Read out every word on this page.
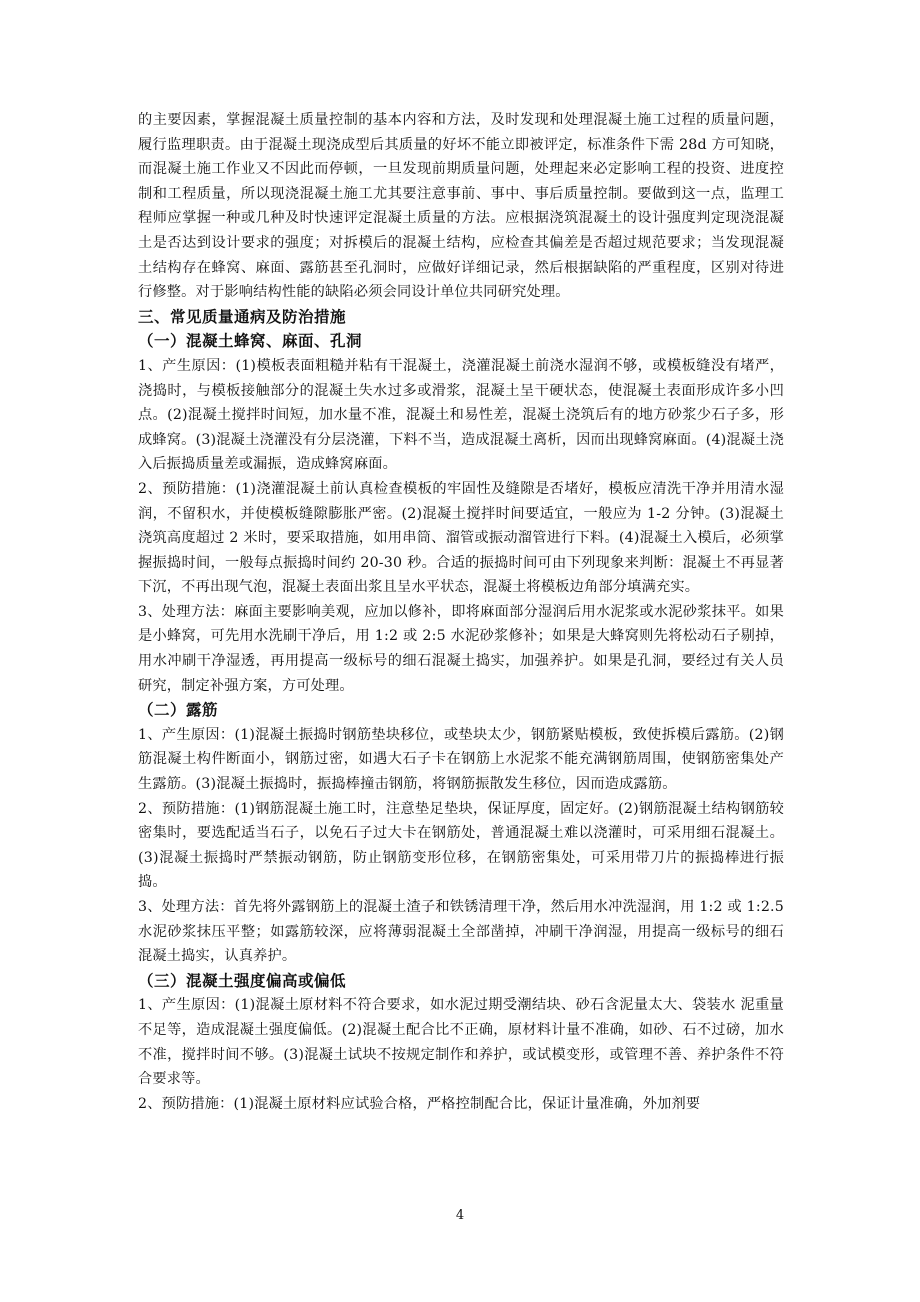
的主要因素，掌握混凝土质量控制的基本内容和方法，及时发现和处理混凝土施工过程的质量问题，履行监理职责。由于混凝土现浇成型后其质量的好坏不能立即被评定，标准条件下需 28d 方可知晓，而混凝土施工作业又不因此而停顿，一旦发现前期质量问题，处理起来必定影响工程的投资、进度控制和工程质量，所以现浇混凝土施工尤其要注意事前、事中、事后质量控制。要做到这一点，监理工程师应掌握一种或几种及时快速评定混凝土质量的方法。应根据浇筑混凝土的设计强度判定现浇混凝土是否达到设计要求的强度；对拆模后的混凝土结构，应检查其偏差是否超过规范要求；当发现混凝土结构存在蜂窝、麻面、露筋甚至孔洞时，应做好详细记录，然后根据缺陷的严重程度，区别对待进行修整。对于影响结构性能的缺陷必须会同设计单位共同研究处理。

三、常见质量通病及防治措施

（一）混凝土蜂窝、麻面、孔洞

1、产生原因：(1)模板表面粗糙并粘有干混凝土，浇灌混凝土前浇水湿润不够，或模板缝没有堵严，浇捣时，与模板接触部分的混凝土失水过多或滑浆，混凝土呈干硬状态，使混凝土表面形成许多小凹点。(2)混凝土搅拌时间短，加水量不准，混凝土和易性差，混凝土浇筑后有的地方砂浆少石子多，形成蜂窝。(3)混凝土浇灌没有分层浇灌，下料不当，造成混凝土离析，因而出现蜂窝麻面。(4)混凝土浇入后振捣质量差或漏振，造成蜂窝麻面。

2、预防措施：(1)浇灌混凝土前认真检查模板的牢固性及缝隙是否堵好，模板应清洗干净并用清水湿润，不留积水，并使模板缝隙膨胀严密。(2)混凝土搅拌时间要适宜，一般应为 1-2 分钟。(3)混凝土浇筑高度超过 2 米时，要采取措施，如用串筒、溜管或振动溜管进行下料。(4)混凝土入模后，必须掌握振捣时间，一般每点振捣时间约 20-30 秒。合适的振捣时间可由下列现象来判断：混凝土不再显著下沉，不再出现气泡，混凝土表面出浆且呈水平状态，混凝土将模板边角部分填满充实。

3、处理方法：麻面主要影响美观，应加以修补，即将麻面部分湿润后用水泥浆或水泥砂浆抹平。如果是小蜂窝，可先用水洗刷干净后，用 1:2 或 2:5 水泥砂浆修补；如果是大蜂窝则先将松动石子剔掉，用水冲刷干净湿透，再用提高一级标号的细石混凝土捣实，加强养护。如果是孔洞，要经过有关人员研究，制定补强方案，方可处理。

（二）露筋

1、产生原因：(1)混凝土振捣时钢筋垫块移位，或垫块太少，钢筋紧贴模板，致使拆模后露筋。(2)钢筋混凝土构件断面小，钢筋过密，如遇大石子卡在钢筋上水泥浆不能充满钢筋周围，使钢筋密集处产生露筋。(3)混凝土振捣时，振捣棒撞击钢筋，将钢筋振散发生移位，因而造成露筋。

2、预防措施：(1)钢筋混凝土施工时，注意垫足垫块，保证厚度，固定好。(2)钢筋混凝土结构钢筋较密集时，要选配适当石子，以免石子过大卡在钢筋处，普通混凝土难以浇灌时，可采用细石混凝土。(3)混凝土振捣时严禁振动钢筋，防止钢筋变形位移，在钢筋密集处，可采用带刀片的振捣棒进行振捣。

3、处理方法：首先将外露钢筋上的混凝土渣子和铁锈清理干净，然后用水冲洗湿润，用 1:2 或 1:2.5 水泥砂浆抹压平整；如露筋较深，应将薄弱混凝土全部凿掉，冲刷干净润湿，用提高一级标号的细石混凝土捣实，认真养护。

（三）混凝土强度偏高或偏低

1、产生原因：(1)混凝土原材料不符合要求，如水泥过期受潮结块、砂石含泥量太大、袋装水 泥重量不足等，造成混凝土强度偏低。(2)混凝土配合比不正确，原材料计量不准确，如砂、石不过磅，加水不准，搅拌时间不够。(3)混凝土试块不按规定制作和养护，或试模变形，或管理不善、养护条件不符合要求等。

2、预防措施：(1)混凝土原材料应试验合格，严格控制配合比，保证计量准确，外加剂要

4
